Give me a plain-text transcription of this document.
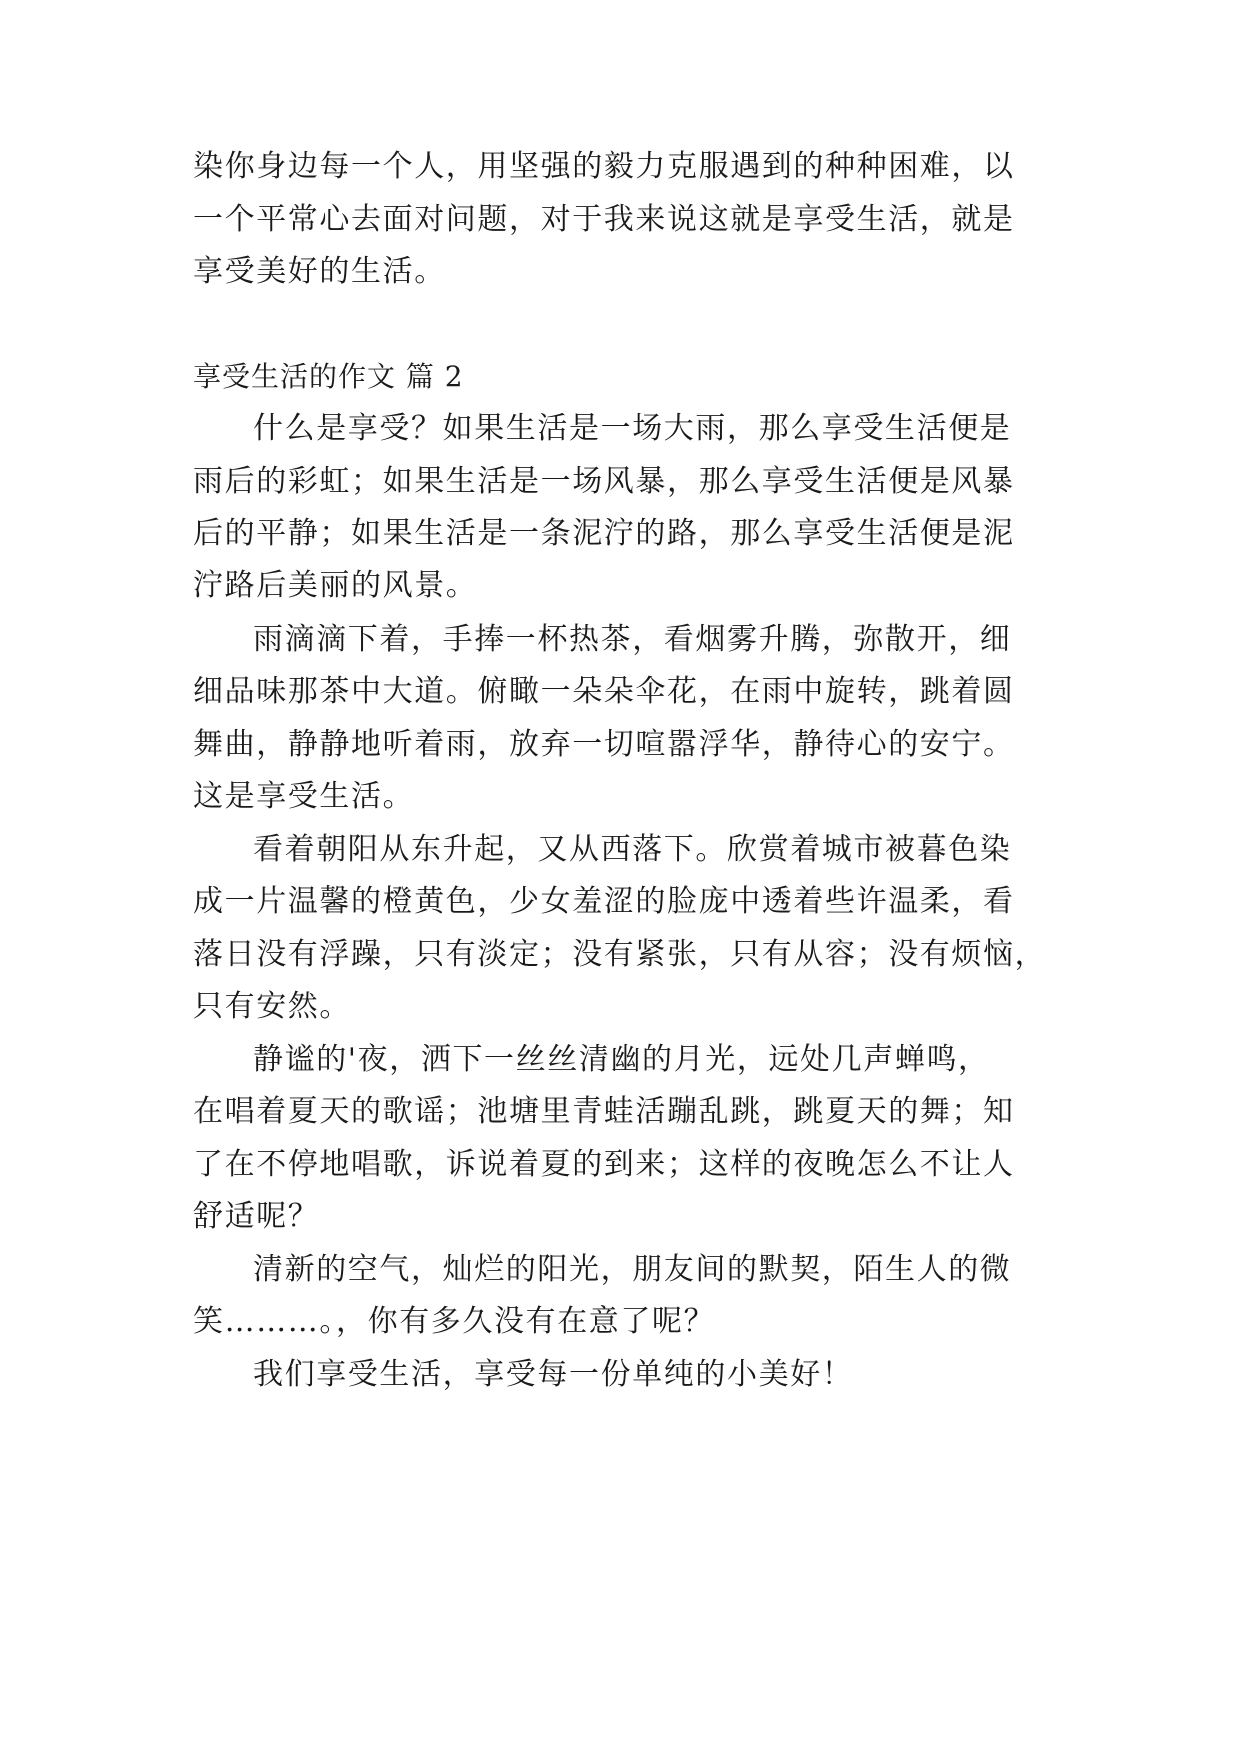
染你身边每一个人，用坚强的毅力克服遇到的种种困难，以
一个平常心去面对问题，对于我来说这就是享受生活，就是
享受美好的生活。
享受生活的作文 篇 2
什么是享受？如果生活是一场大雨，那么享受生活便是
雨后的彩虹；如果生活是一场风暴，那么享受生活便是风暴
后的平静；如果生活是一条泥泞的路，那么享受生活便是泥
泞路后美丽的风景。
雨滴滴下着，手捧一杯热茶，看烟雾升腾，弥散开，细
细品味那茶中大道。俯瞰一朵朵伞花，在雨中旋转，跳着圆
舞曲，静静地听着雨，放弃一切喧嚣浮华，静待心的安宁。
这是享受生活。
看着朝阳从东升起，又从西落下。欣赏着城市被暮色染
成一片温馨的橙黄色，少女羞涩的脸庞中透着些许温柔，看
落日没有浮躁，只有淡定；没有紧张，只有从容；没有烦恼，
只有安然。
静谧的'夜，洒下一丝丝清幽的月光，远处几声蝉鸣，
在唱着夏天的歌谣；池塘里青蛙活蹦乱跳，跳夏天的舞；知
了在不停地唱歌，诉说着夏的到来；这样的夜晚怎么不让人
舒适呢？
清新的空气，灿烂的阳光，朋友间的默契，陌生人的微
笑………。，你有多久没有在意了呢？
我们享受生活，享受每一份单纯的小美好！
